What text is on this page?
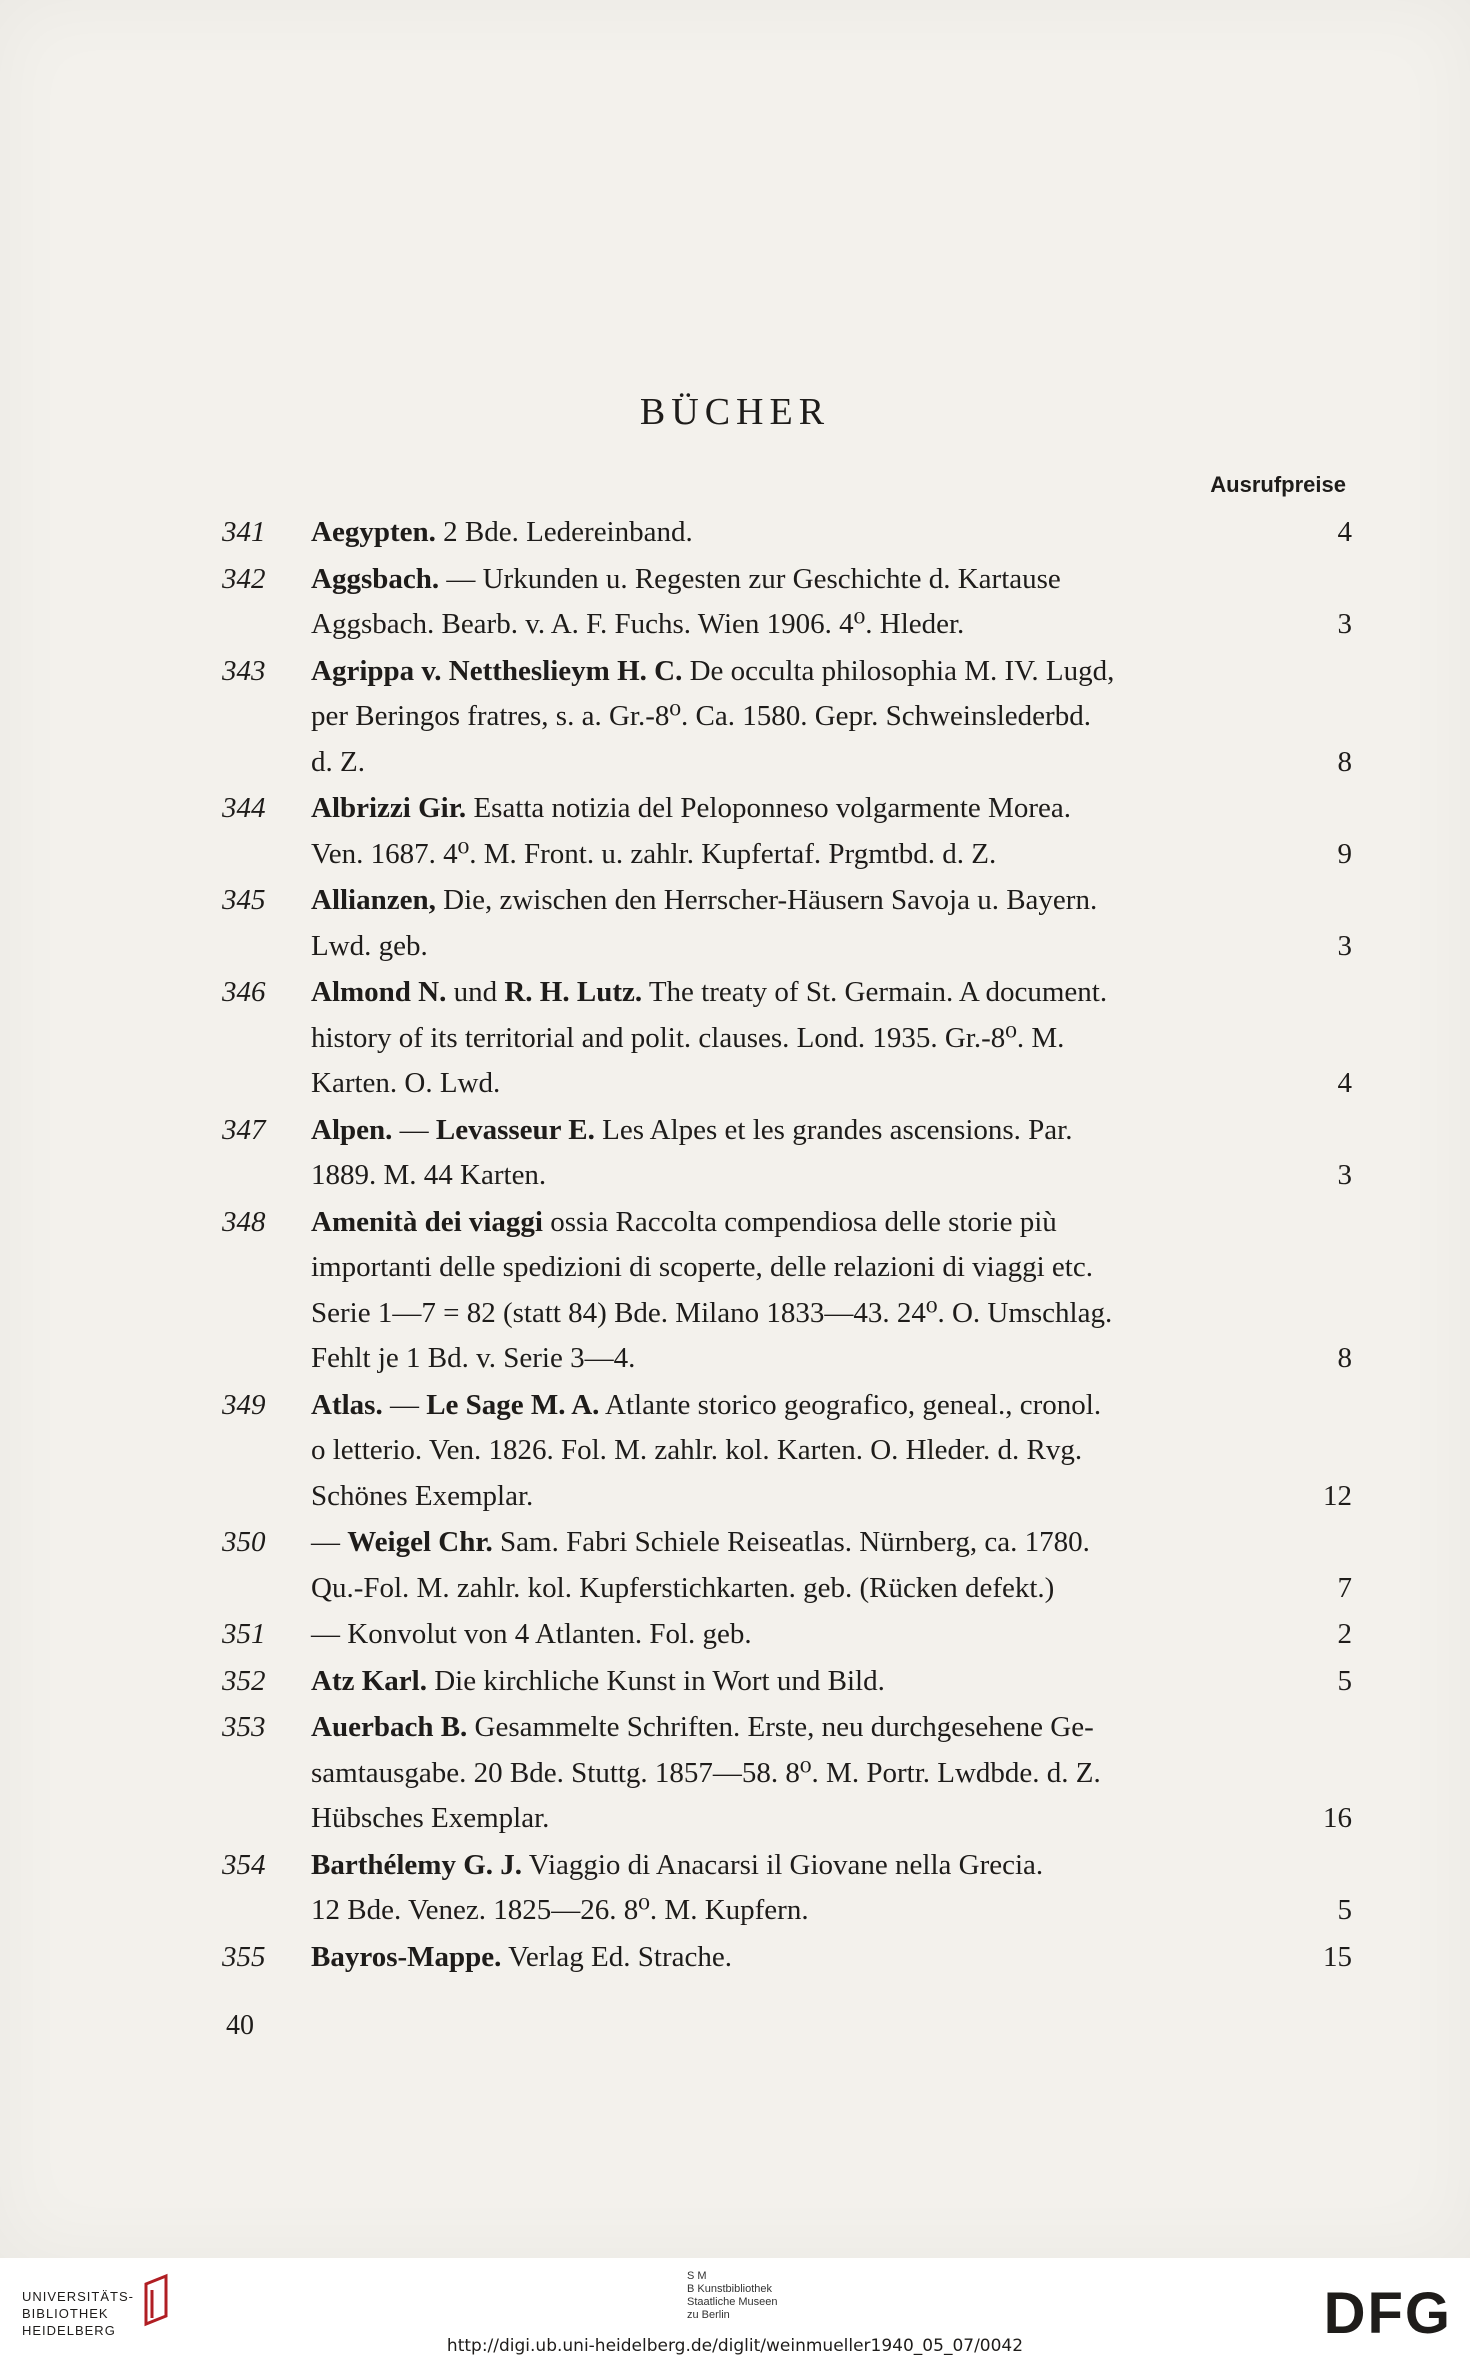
BÜCHER
Ausrufpreise
341	Aegypten. 2 Bde. Ledereinband.	4
342	Aggsbach. — Urkunden u. Regesten zur Geschichte d. Kartause
Aggsbach. Bearb. v. A. F. Fuchs. Wien 1906. 4⁰. Hleder.	3
343	Agrippa v. Nettheslieym H. C. De occulta philosophia M. IV. Lugd,
per Beringos fratres, s. a. Gr.-8⁰. Ca. 1580. Gepr. Schweinslederbd.
d. Z.	8
344	Albrizzi Gir. Esatta notizia del Peloponneso volgarmente Morea.
Ven. 1687. 4⁰. M. Front. u. zahlr. Kupfertaf. Prgmtbd. d. Z.	9
345	Allianzen, Die, zwischen den Herrscher-Häusern Savoja u. Bayern.
Lwd. geb.	3
346	Almond N. und R. H. Lutz. The treaty of St. Germain. A document.
history of its territorial and polit. clauses. Lond. 1935. Gr.-8⁰. M.
Karten. O. Lwd.	4
347	Alpen. — Levasseur E. Les Alpes et les grandes ascensions. Par.
1889. M. 44 Karten.	3
348	Amenità dei viaggi ossia Raccolta compendiosa delle storie più
importanti delle spedizioni di scoperte, delle relazioni di viaggi etc.
Serie 1—7 = 82 (statt 84) Bde. Milano 1833—43. 24⁰. O. Umschlag.
Fehlt je 1 Bd. v. Serie 3—4.	8
349	Atlas. — Le Sage M. A. Atlante storico geografico, geneal., cronol.
o letterio. Ven. 1826. Fol. M. zahlr. kol. Karten. O. Hleder. d. Rvg.
Schönes Exemplar.	12
350	— Weigel Chr. Sam. Fabri Schiele Reiseatlas. Nürnberg, ca. 1780.
Qu.-Fol. M. zahlr. kol. Kupferstichkarten. geb. (Rücken defekt.)	7
351	— Konvolut von 4 Atlanten. Fol. geb.	2
352	Atz Karl. Die kirchliche Kunst in Wort und Bild.	5
353	Auerbach B. Gesammelte Schriften. Erste, neu durchgesehene Ge-
samtausgabe. 20 Bde. Stuttg. 1857—58. 8⁰. M. Portr. Lwdbde. d. Z.
Hübsches Exemplar.	16
354	Barthélemy G. J. Viaggio di Anacarsi il Giovane nella Grecia.
12 Bde. Venez. 1825—26. 8⁰. M. Kupfern.	5
355	Bayros-Mappe. Verlag Ed. Strache.	15
40
UNIVERSITÄTS-
BIBLIOTHEK
HEIDELBERG
S M
B Kunstbibliothek
Staatliche Museen
zu Berlin	DFG
http://digi.ub.uni-heidelberg.de/diglit/weinmueller1940_05_07/0042
